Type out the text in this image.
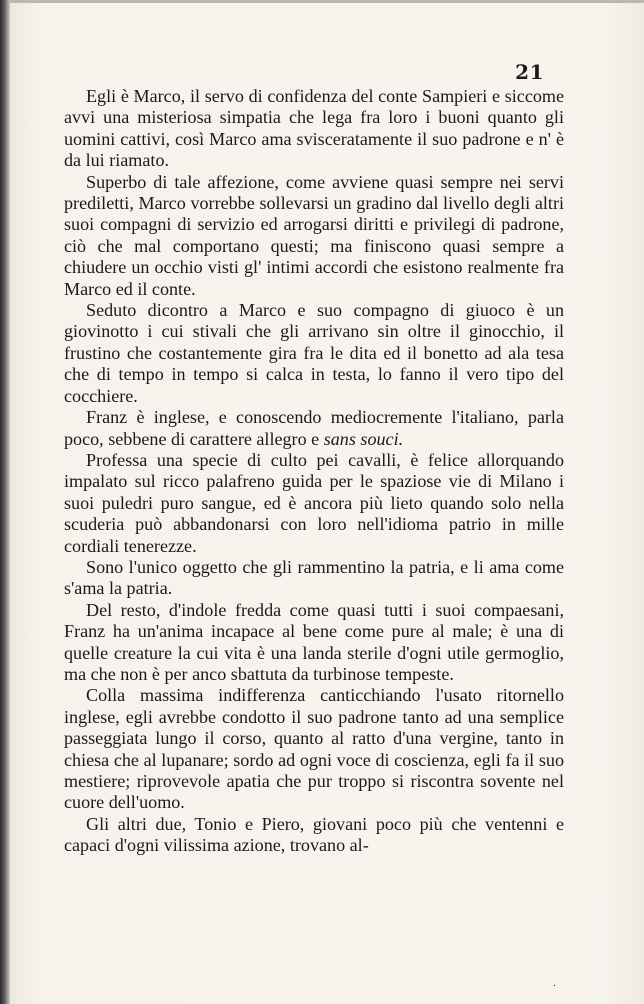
21

Egli è Marco, il servo di confidenza del conte Sampieri e siccome avvi una misteriosa simpatia che lega fra loro i buoni quanto gli uomini cattivi, così Marco ama svisceratamente il suo padrone e n' è da lui riamato.

Superbo di tale affezione, come avviene quasi sempre nei servi prediletti, Marco vorrebbe sollevarsi un gradino dal livello degli altri suoi compagni di servizio ed arrogarsi diritti e privilegi di padrone, ciò che mal comportano questi; ma finiscono quasi sempre a chiudere un occhio visti gl' intimi accordi che esistono realmente fra Marco ed il conte.

Seduto dicontro a Marco e suo compagno di giuoco è un giovinotto i cui stivali che gli arrivano sin oltre il ginocchio, il frustino che costantemente gira fra le dita ed il bonetto ad ala tesa che di tempo in tempo si calca in testa, lo fanno il vero tipo del cocchiere.

Franz è inglese, e conoscendo mediocremente l'italiano, parla poco, sebbene di carattere allegro e sans souci.

Professa una specie di culto pei cavalli, è felice allorquando impalato sul ricco palafreno guida per le spaziose vie di Milano i suoi puledri puro sangue, ed è ancora più lieto quando solo nella scuderia può abbandonarsi con loro nell'idioma patrio in mille cordiali tenerezze.

Sono l'unico oggetto che gli rammentino la patria, e li ama come s'ama la patria.

Del resto, d'indole fredda come quasi tutti i suoi compaesani, Franz ha un'anima incapace al bene come pure al male; è una di quelle creature la cui vita è una landa sterile d'ogni utile germoglio, ma che non è per anco sbattuta da turbinose tempeste.

Colla massima indifferenza canticchiando l'usato ritornello inglese, egli avrebbe condotto il suo padrone tanto ad una semplice passeggiata lungo il corso, quanto al ratto d'una vergine, tanto in chiesa che al lupanare; sordo ad ogni voce di coscienza, egli fa il suo mestiere; riprovevole apatia che pur troppo si riscontra sovente nel cuore dell'uomo.

Gli altri due, Tonio e Piero, giovani poco più che ventenni e capaci d'ogni vilissima azione, trovano al-

.
